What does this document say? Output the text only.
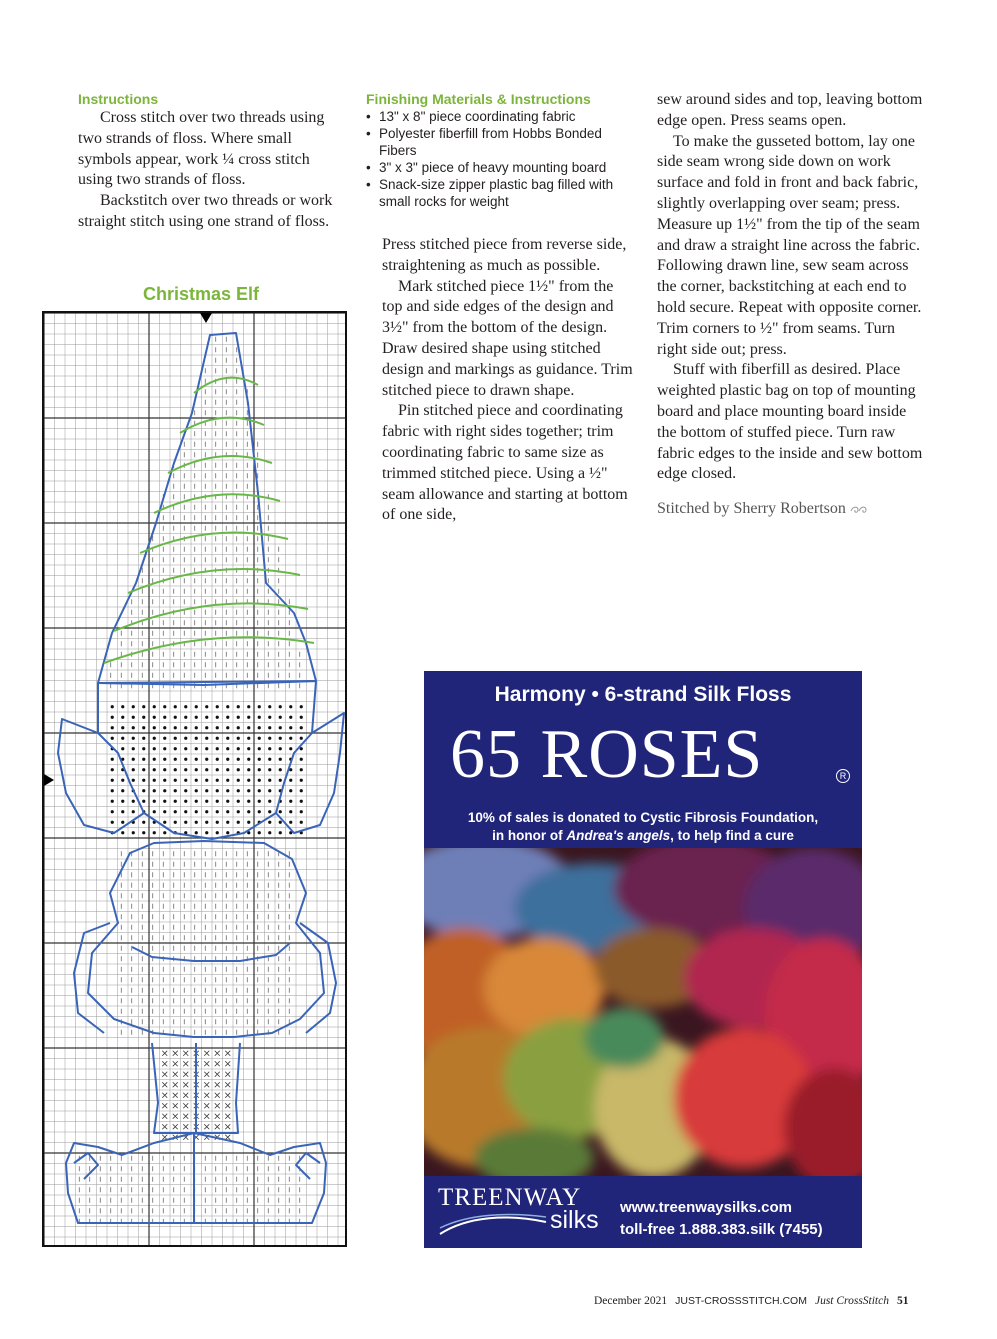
Instructions

Cross stitch over two threads using two strands of floss. Where small symbols appear, work ¼ cross stitch using two strands of floss.

Backstitch over two threads or work straight stitch using one strand of floss.

Christmas Elf
Finishing Materials & Instructions
• 13" x 8" piece coordinating fabric
• Polyester fiberfill from Hobbs Bonded Fibers
• 3" x 3" piece of heavy mounting board
• Snack-size zipper plastic bag filled with small rocks for weight

Press stitched piece from reverse side, straightening as much as possible.

Mark stitched piece 1½" from the top and side edges of the design and 3½" from the bottom of the design. Draw desired shape using stitched design and markings as guidance. Trim stitched piece to drawn shape.

Pin stitched piece and coordinating fabric with right sides together; trim coordinating fabric to same size as trimmed stitched piece. Using a ½" seam allowance and starting at bottom of one side,

sew around sides and top, leaving bottom edge open. Press seams open.

To make the gusseted bottom, lay one side seam wrong side down on work surface and fold in front and back fabric, slightly overlapping over seam; press. Measure up 1½" from the tip of the seam and draw a straight line across the fabric. Following drawn line, sew seam across the corner, backstitching at each end to hold secure. Repeat with opposite corner. Trim corners to ½" from seams. Turn right side out; press.

Stuff with fiberfill as desired. Place weighted plastic bag on top of mounting board and place mounting board inside the bottom of stuffed piece. Turn raw fabric edges to the inside and sew bottom edge closed.

Stitched by Sherry Robertson

Harmony • 6-strand Silk Floss
65 ROSES	R
10% of sales is donated to Cystic Fibrosis Foundation,
in honor of Andrea's angels, to help find a cure
TREENWAY
silks www.treenwaysilks.com
toll-free 1.888.383.silk (7455)
December 2021 JUST-CROSSSTITCH.COM Just CrossStitch 51
